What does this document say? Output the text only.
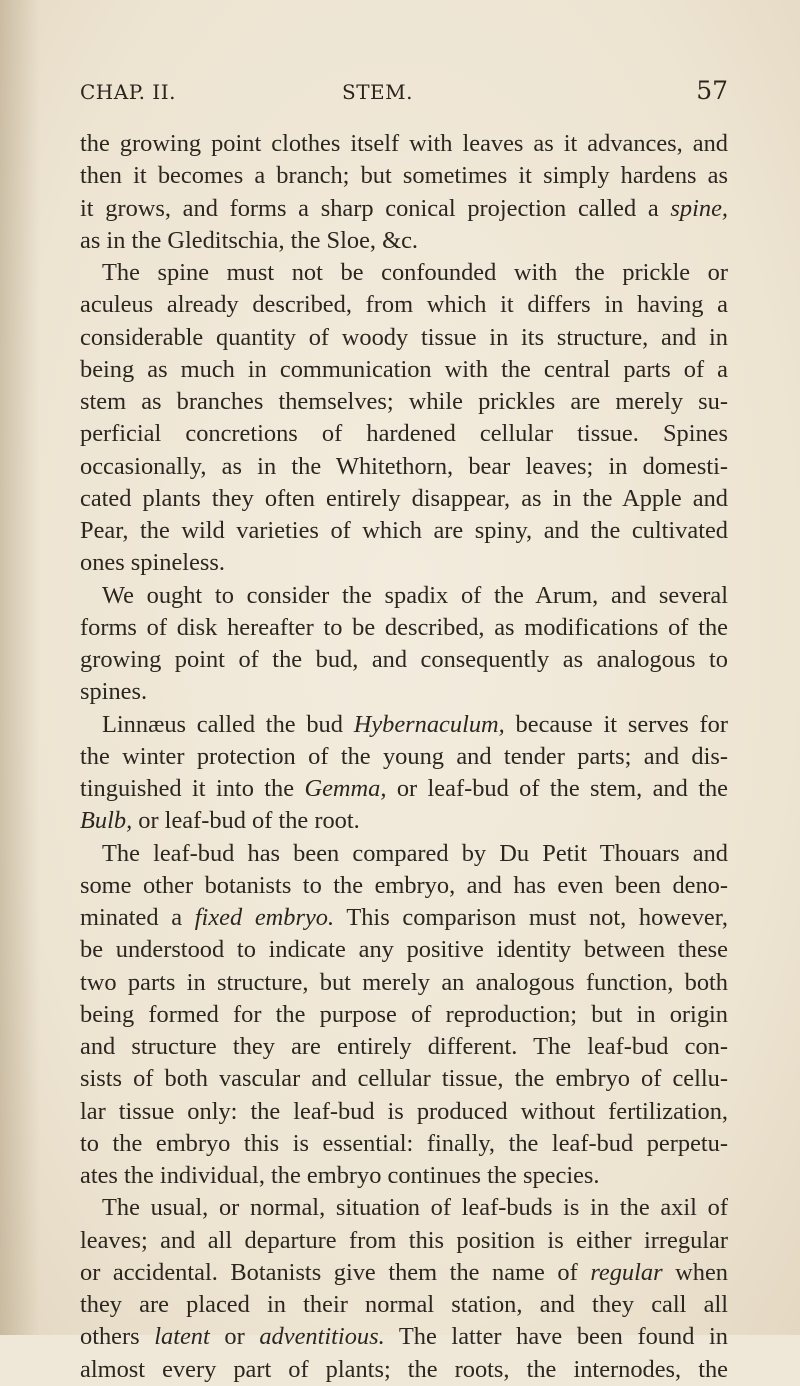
CHAP. II.	STEM.	57
the growing point clothes itself with leaves as it advances, and
then it becomes a branch; but sometimes it simply hardens as
it grows, and forms a sharp conical projection called a spine,
as in the Gleditschia, the Sloe, &c.
The spine must not be confounded with the prickle or
aculeus already described, from which it differs in having a
considerable quantity of woody tissue in its structure, and in
being as much in communication with the central parts of a
stem as branches themselves; while prickles are merely su-
perficial concretions of hardened cellular tissue. Spines
occasionally, as in the Whitethorn, bear leaves; in domesti-
cated plants they often entirely disappear, as in the Apple and
Pear, the wild varieties of which are spiny, and the cultivated
ones spineless.
We ought to consider the spadix of the Arum, and several
forms of disk hereafter to be described, as modifications of the
growing point of the bud, and consequently as analogous to
spines.
Linnæus called the bud Hybernaculum, because it serves for
the winter protection of the young and tender parts; and dis-
tinguished it into the Gemma, or leaf-bud of the stem, and the
Bulb, or leaf-bud of the root.
The leaf-bud has been compared by Du Petit Thouars and
some other botanists to the embryo, and has even been deno-
minated a fixed embryo. This comparison must not, however,
be understood to indicate any positive identity between these
two parts in structure, but merely an analogous function, both
being formed for the purpose of reproduction; but in origin
and structure they are entirely different. The leaf-bud con-
sists of both vascular and cellular tissue, the embryo of cellu-
lar tissue only: the leaf-bud is produced without fertilization,
to the embryo this is essential: finally, the leaf-bud perpetu-
ates the individual, the embryo continues the species.
The usual, or normal, situation of leaf-buds is in the axil of
leaves; and all departure from this position is either irregular
or accidental. Botanists give them the name of regular when
they are placed in their normal station, and they call all
others latent or adventitious. The latter have been found in
almost every part of plants; the roots, the internodes, the
